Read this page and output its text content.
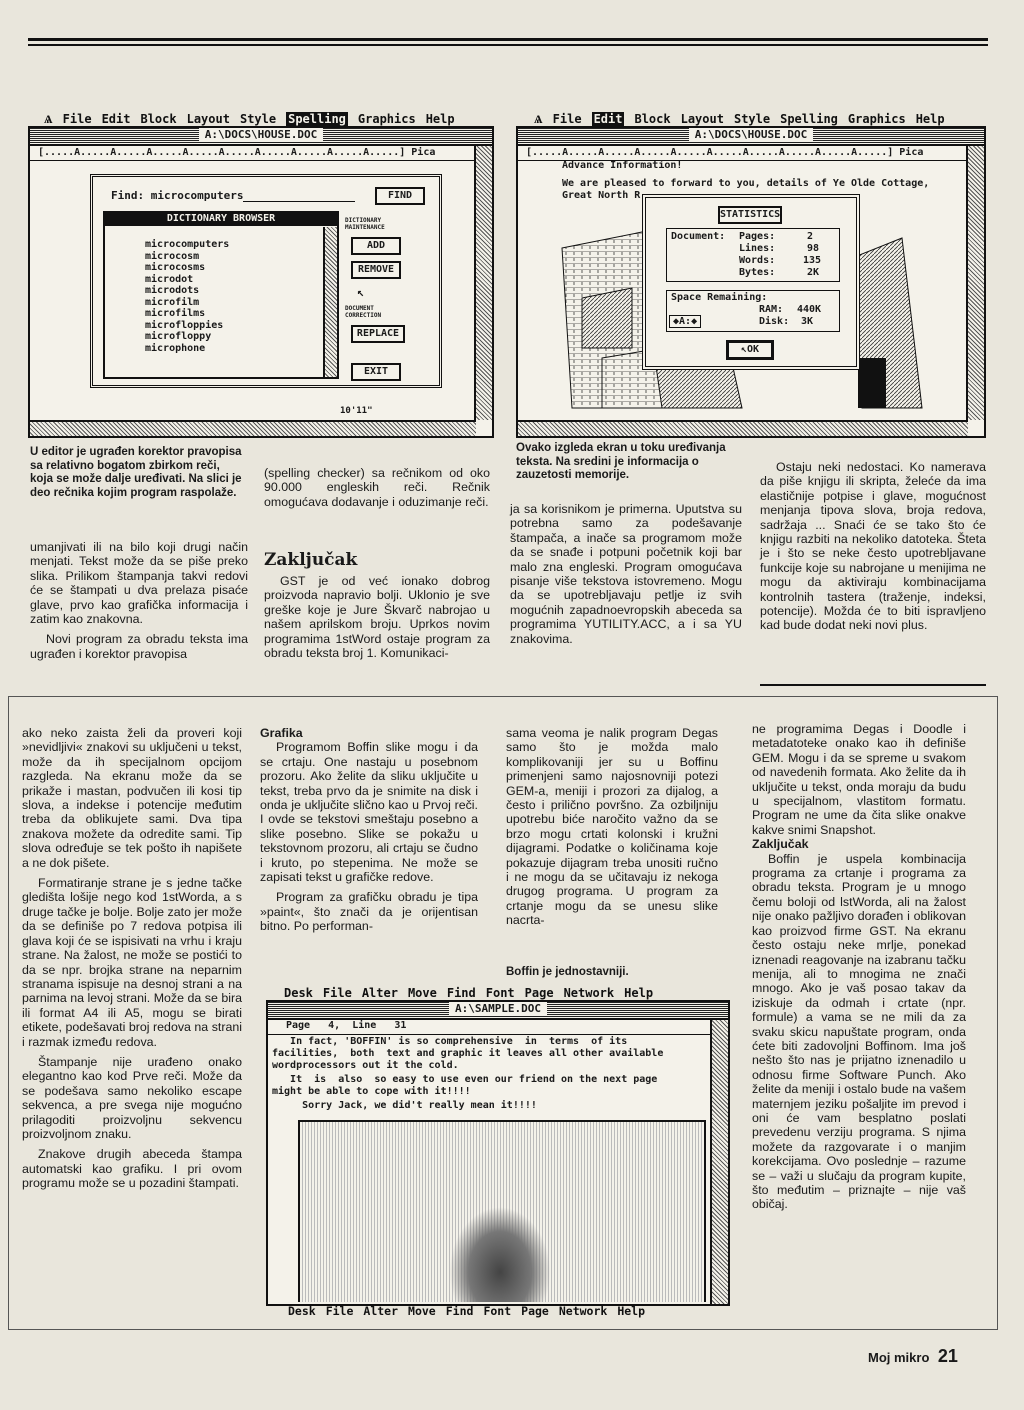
Ѧ File Edit Block Layout Style Spelling Graphics Help
A:\DOCS\HOUSE.DOC
[.....A.....A.....A.....A.....A.....A.....A.....A.....A.....] Pica
Find: microcomputers	FIND
DICTIONARY BROWSER
microcomputers
microcosm
microcosms
microdot
microdots
microfilm
microfilms
microfloppies
microfloppy
microphone
DICTIONARY MAINTENANCE
ADD
REMOVE
↖
DOCUMENT CORRECTION
REPLACE
EXIT
10'11"
Ѧ File Edit Block Layout Style Spelling Graphics Help
A:\DOCS\HOUSE.DOC
[.....A.....A.....A.....A.....A.....A.....A.....A.....A.....] Pica
Advance Information!
We are pleased to forward to you, details of Ye Olde Cottage,
Great North R
STATISTICS
Document: Pages:	2
Lines:	98
Words:	135
Bytes:	2K
Space Remaining:
RAM: 440K
◆A:◆	Disk: 3K
↖OK
U editor je ugrađen korektor pravopisa sa relativno bogatom zbirkom reči, koja se može dalje uređivati. Na slici je deo rečnika kojim program raspolaže.
Ovako izgleda ekran u toku uređivanja teksta. Na sredini je informacija o zauzetosti memorije.

umanjivati ili na bilo koji drugi način menjati. Tekst može da se piše preko slika. Prilikom štampanja takvi redovi će se štampati u dva prelaza pisaće glave, prvo kao grafička informacija i zatim kao znakovna.

Novi program za obradu teksta ima ugrađen i korektor pravopisa

(spelling checker) sa rečnikom od oko 90.000 engleskih reči. Rečnik omogućava dodavanje i oduzimanje reči.

Zaključak

GST je od već ionako dobrog proizvoda napravio bolji. Uklonio je sve greške koje je Jure Škvarč nabrojao u našem aprilskom broju. Uprkos novim programima 1stWord ostaje program za obradu teksta broj 1. Komunikaci-

ja sa korisnikom je primerna. Uputstva su potrebna samo za podešavanje štampača, a inače sa programom može da se snađe i potpuni početnik koji bar malo zna engleski. Program omogućava pisanje više tekstova istovremeno. Mogu da se upotrebljavaju petlje iz svih mogućnih zapadnoevropskih abeceda sa programima YUTILITY.ACC, a i sa YU znakovima.

Ostaju neki nedostaci. Ko namerava da piše knjigu ili skripta, želeće da ima elastičnije potpise i glave, mogućnost menjanja tipova slova, broja redova, sadržaja ... Snaći će se tako što će knjigu razbiti na nekoliko datoteka. Šteta je i što se neke često upotrebljavane funkcije koje su nabrojane u menijima ne mogu da aktiviraju kombinacijama kontrolnih tastera (traženje, indeksi, potencije). Možda će to biti ispravljeno kad bude dodat neki novi plus.

ako neko zaista želi da proveri koji »nevidljivi« znakovi su uključeni u tekst, može da ih specijalnom opcijom razgleda. Na ekranu može da se prikaže i mastan, podvučen ili kosi tip slova, a indekse i potencije međutim treba da oblikujete sami. Dva tipa znakova možete da odredite sami. Tip slova određuje se tek pošto ih napišete a ne dok pišete.

Formatiranje strane je s jedne tačke gledišta lošije nego kod 1stWorda, a s druge tačke je bolje. Bolje zato jer može da se definiše po 7 redova potpisa ili glava koji će se ispisivati na vrhu i kraju strane. Na žalost, ne može se postići to da se npr. brojka strane na neparnim stranama ispisuje na desnoj strani a na parnima na levoj strani. Može da se bira ili format A4 ili A5, mogu se birati etikete, podešavati broj redova na strani i razmak između redova.

Štampanje nije urađeno onako elegantno kao kod Prve reči. Može da se podešava samo nekoliko escape sekvenca, a pre svega nije mogućno prilagoditi proizvoljnu sekvencu proizvoljnom znaku.

Znakove drugih abeceda štampa automatski kao grafiku. I pri ovom programu može se u pozadini štampati.

Grafika

Programom Boffin slike mogu i da se crtaju. One nastaju u posebnom prozoru. Ako želite da sliku uključite u tekst, treba prvo da je snimite na disk i onda je uključite slično kao u Prvoj reči. I ovde se tekstovi smeštaju posebno a slike posebno. Slike se pokažu u tekstovnom prozoru, ali crtaju se čudno i kruto, po stepenima. Ne može se zapisati tekst u grafičke redove.

Program za grafičku obradu je tipa »paint«, što znači da je orijentisan bitno. Po performan-

sama veoma je nalik program Degas samo što je možda malo komplikovaniji jer su u Boffinu primenjeni samo najosnovniji potezi GEM-a, meniji i prozori za dijalog, a često i prilično površno. Za ozbiljniju upotrebu biće naročito važno da se brzo mogu crtati kolonski i kružni dijagrami. Podatke o količinama koje pokazuje dijagram treba unositi ručno i ne mogu da se učitavaju iz nekoga drugog programa. U program za crtanje mogu da se unesu slike nacrta-

Boffin je jednostavniji.

ne programima Degas i Doodle i metadatoteke onako kao ih definiše GEM. Mogu i da se spreme u svakom od navedenih formata. Ako želite da ih uključite u tekst, onda moraju da budu u specijalnom, vlastitom formatu. Program ne ume da čita slike onakve kakve snimi Snapshot.

Zaključak

Boffin je uspela kombinacija programa za crtanje i programa za obradu teksta. Program je u mnogo čemu boloji od lstWorda, ali na žalost nije onako pažljivo dorađen i oblikovan kao proizvod firme GST. Na ekranu često ostaju neke mrlje, ponekad iznenadi reagovanje na izabranu tačku menija, ali to mnogima ne znači mnogo. Ako je vaš posao takav da iziskuje da odmah i crtate (npr. formule) a vama se ne mili da za svaku skicu napuštate program, onda ćete biti zadovoljni Boffinom. Ima još nešto što nas je prijatno iznenadilo u odnosu firme Software Punch. Ako želite da meniji i ostalo bude na vašem maternjem jeziku pošaljite im prevod i oni će vam besplatno poslati prevedenu verziju programa. S njima možete da razgovarate i o manjim korekcijama. Ovo poslednje – razume se – važi u slučaju da program kupite, što međutim – priznajte – nije vaš običaj.

Desk File Alter Move Find Font Page Network Help
A:\SAMPLE.DOC
Page   4,  Line   31
In fact, 'BOFFIN' is so comprehensive  in  terms  of its
facilities,  both  text and graphic it leaves all other available
wordprocessors out it the cold.
It  is  also  so easy to use even our friend on the next page
might be able to cope with it!!!!
Sorry Jack, we did't really mean it!!!!
Desk File Alter Move Find Font Page Network Help
Moj mikro 21
